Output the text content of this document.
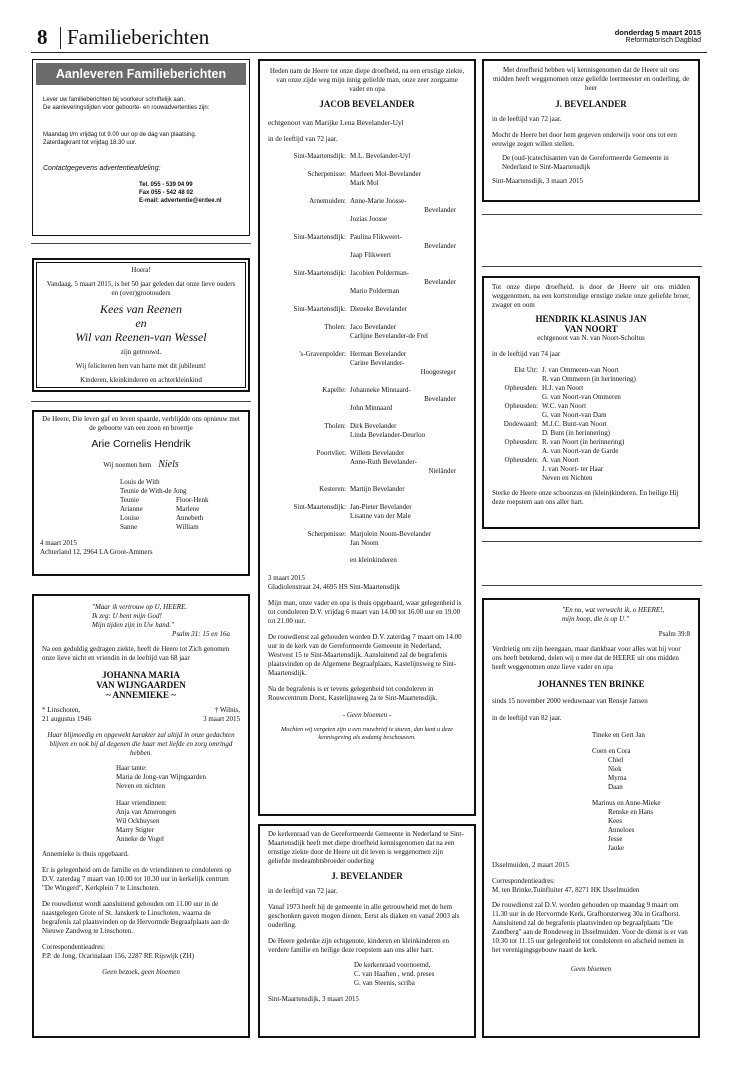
8 Familieberichten	donderdag 5 maart 2015
Reformatorisch Dagblad
Aanleveren Familieberichten
Lever uw familieberichten bij voorkeur schriftelijk aan.
De aanleveringstijden voor geboorte- en rouwadvertenties zijn:
Maandag t/m vrijdag tot 9.00 uur op de dag van plaatsing.
Zaterdagkrant tot vrijdag 18.30 uur.
Contactgegevens advertentieafdeling:
Tel. 055 - 539 04 99
Fax 055 - 542 48 02
E-mail: advertentie@erdee.nl
Hoera!
Vandaag, 5 maart 2015, is het 50 jaar geleden dat onze lieve ouders en (over)grootouders
Kees van Reenen
en
Wil van Reenen-van Wessel
zijn getrouwd.
Wij feliciteren hen van harte met dit jubileum!
Kinderen, kleinkinderen en achterkleinkind
De Heere, Die leven gaf en leven spaarde, verblijdde ons opnieuw met de geboorte van een zoon en broertje
Arie Cornelis Hendrik
Wij noemen hem Niels
Louis de With
Teunie de With-de Jong
Teunie	Floor-Henk
Arianne	Marlene
Louise	Annebeth
Sanne	William
4 maart 2015
Achterland 12, 2964 LA Groot-Ammers
"Maar ik vertrouw op U, HEERE.
Ik zeg: U bent mijn God!
Mijn tijden zijn in Uw hand."
Psalm 31: 15 en 16a
Na een geduldig gedragen ziekte, heeft de Heere tot Zich genomen onze lieve nicht en vriendin in de leeftijd van 68 jaar
JOHANNA MARIA
VAN WIJNGAARDEN
~ ANNEMIEKE ~
* Linschoten,
21 augustus 1946
† Wilnis,
3 maart 2015
Haar blijmoedig en opgewekt karakter zal altijd in onze gedachten blijven en ook bij al degenen die haar met liefde en zorg omringd hebben.
Haar tante:
Maria de Jong-van Wijngaarden
Neven en nichten
Haar vriendinnen:
Anja van Amerongen
Wil Ockhuysen
Marry Stigter
Anneke de Vogel
Annemieke is thuis opgebaard.
Er is gelegenheid om de familie en de vriendinnen te condoleren op D.V. zaterdag 7 maart van 10.00 tot 10.30 uur in kerkelijk centrum "De Wingerd", Kerkplein 7 te Linschoten.
De rouwdienst wordt aansluitend gehouden om 11.00 uur in de naastgelegen Grote of St. Janskerk te Linschoten, waarna de begrafenis zal plaatsvinden op de Hervormde Begraafplaats aan de Nieuwe Zandweg te Linschoten.
Correspondentieadres:
P.P. de Jong, Ocarinalaan 156, 2287 RE Rijswijk (ZH)
Geen bezoek, geen bloemen
Heden nam de Heere tot onze diepe droefheid, na een ernstige ziekte, van onze zijde weg mijn innig geliefde man, onze zeer zorgzame vader en opa
JACOB BEVELANDER
echtgenoot van Marijke Lena Bevelander-Uyl
in de leeftijd van 72 jaar.
Sint-Maartensdijk: M.L. Bevelander-Uyl
Scherpenisse: Marleen Mol-Bevelander
Mark Mol
Arnemuiden: Anne-Marie Joosse-
Bevelander
Jozias Joosse
Sint-Maartensdijk: Paulina Flikweert-
Bevelander
Jaap Flikweert
Sint-Maartensdijk: Jacobien Polderman-
Bevelander
Mario Polderman
Sint-Maartensdijk: Dieneke Bevelander
Tholen: Jaco Bevelander
Carlijne Bevelander-de Frel
's-Gravenpolder: Herman Bevelander
Carine Bevelander-
Hoogesteger
Kapelle: Johanneke Minnaard-
Bevelander
John Minnaard
Tholen: Dirk Bevelander
Linda Bevelander-Deurloo
Poortvliet: Willem Bevelander
Anne-Ruth Bevelander-
Nieländer
Kesteren: Martijn Bevelander
Sint-Maartensdijk: Jan-Pieter Bevelander
Lisanne van der Male
Scherpenisse: Marjolein Noom-Bevelander
Jan Noom
en kleinkinderen
3 maart 2015
Gladiolenstraat 24, 4695 HS Sint-Maartensdijk
Mijn man, onze vader en opa is thuis opgebaard, waar gelegenheid is tot condoleren D.V. vrijdag 6 maart van 14.00 tot 16.00 uur en 19.00 tot 21.00 uur.
De rouwdienst zal gehouden worden D.V. zaterdag 7 maart om 14.00 uur in de kerk van de Gereformeerde Gemeente in Nederland, Westvest 15 te Sint-Maartensdijk. Aansluitend zal de begrafenis plaatsvinden op de Algemene Begraafplaats, Kastelijnsweg te Sint-Maartensdijk.
Na de begrafenis is er tevens gelegenheid tot condoleren in Rouwcentrum Dorst, Kastelijnsweg 2a te Sint-Maartensdijk.
- Geen bloemen -
Mochten wij vergeten zijn u een rouwbrief te sturen, dan kunt u deze kennisgeving als zodanig beschouwen.
De kerkenraad van de Gereformeerde Gemeente in Nederland te Sint-Maartensdijk heeft met diepe droefheid kennisgenomen dat na een ernstige ziekte door de Heere uit dit leven is weggenomen zijn geliefde medeambtsbroeder ouderling
J. BEVELANDER
in de leeftijd van 72 jaar.
Vanaf 1973 heeft hij de gemeente in alle getrouwheid met de hem geschonken gaven mogen dienen. Eerst als diaken en vanaf 2003 als ouderling.
De Heere gedenke zijn echtgenote, kinderen en kleinkinderen en verdere familie en heilige deze roepstem aan ons aller hart.
De kerkenraad voornoemd,
C. van Haaften , wnd. preses
G. van Steenis, scriba
Sint-Maartensdijk, 3 maart 2015
Met droefheid hebben wij kennisgenomen dat de Heere uit ons midden heeft weggenomen onze geliefde leermeester en ouderling, de heer
J. BEVELANDER
in de leeftijd van 72 jaar.
Mocht de Heere het door hem gegeven onderwijs voor ons tot een eeuwige zegen willen stellen.
De (oud-)catechisanten van de Gereformeerde Gemeente in Nederland te Sint-Maartensdijk
Sint-Maartensdijk, 3 maart 2015
Tot onze diepe droefheid, is door de Heere uit ons midden weggenomen, na een kortstondige ernstige ziekte onze geliefde broer, zwager en oom
HENDRIK KLASINUS JAN
VAN NOORT
echtgenoot van N. van Noort-Scholtus
in de leeftijd van 74 jaar
Elst Utr: J. van Ommeren-van Noort
R. van Ommeren (in herinnering)
Opheusden: H.J. van Noort
G. van Noort-van Ommeren
Opheusden: W.C. van Noort
G. van Noort-van Dam
Dodewaard: M.J.C. Bunt-van Noort
D. Bunt (in herinnering)
Opheusden: R. van Noort (in herinnering)
A. van Noort-van de Garde
Opheusden: A. van Noort
J. van Noort- ter Haar
Neven en Nichten
Sterke de Heere onze schoonzus en (klein)kinderen. En heilige Hij deze roepstem aan ons aller hart.
"En nu, wat verwacht ik, o HEERE!,
mijn hoop, die is op U."
Psalm 39:8
Verdrietig om zijn heengaan, maar dankbaar voor alles wat hij voor ons heeft betekend, delen wij u mee dat de HEERE uit ons midden heeft weggenomen onze lieve vader en opa
JOHANNES TEN BRINKE
sinds 15 november 2000 weduwnaar van Rensje Jansen
in de leeftijd van 82 jaar.
Tineke en Gert Jan
Coen en Cora
Chiel
Niek
Myrna
Daan
Marinus en Anne-Mieke
Renske en Hans
Kees
Anneloes
Jesse
Jauke
IJsselmuiden, 2 maart 2015
Correspondentieadres:
M. ten Brinke,Tuinfluiter 47, 8271 HK IJsselmuiden
De rouwdienst zal D.V. worden gehouden op maandag 9 maart om 11.30 uur in de Hervormde Kerk, Grafhorsterweg 30a in Grafhorst. Aansluitend zal de begrafenis plaatsvinden op begraafplaats "De Zandberg" aan de Rondeweg in IJsselmuiden. Voor de dienst is er van 10.30 tot 11.15 uur gelegenheid tot condoleren en afscheid nemen in het verenigingsgebouw naast de kerk.
Geen bloemen
